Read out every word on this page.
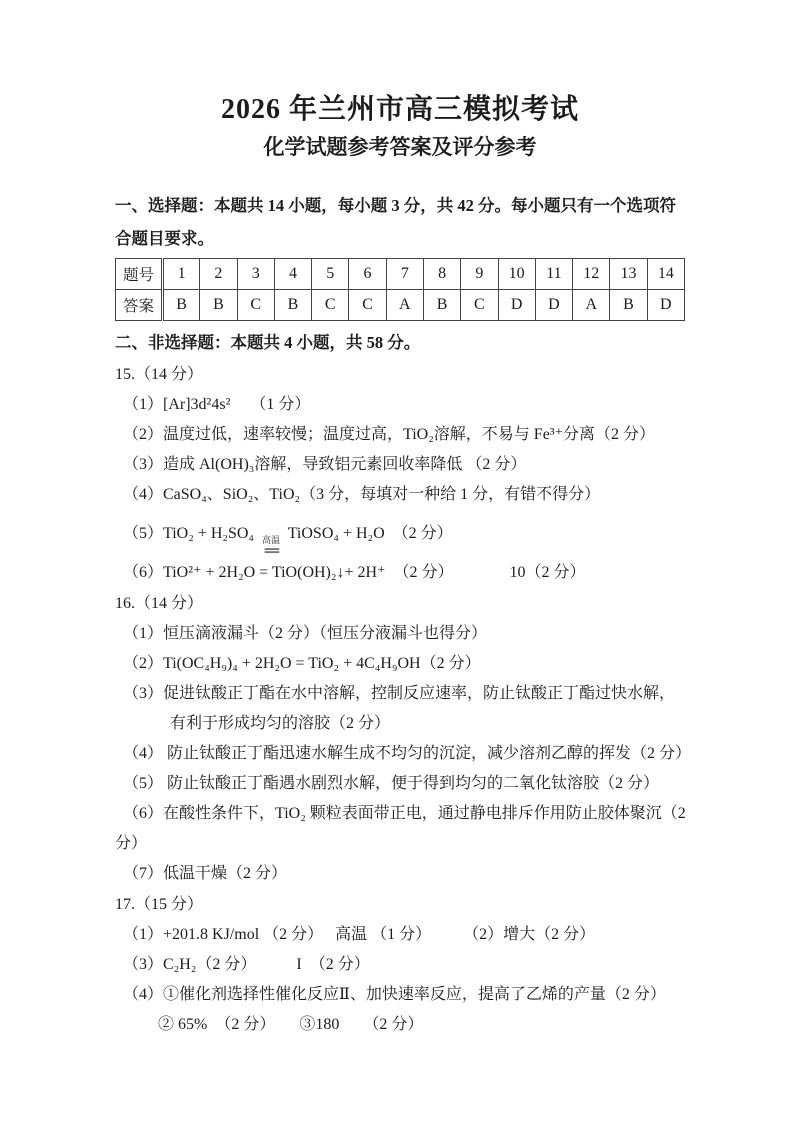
2026 年兰州市高三模拟考试
化学试题参考答案及评分参考

一、选择题：本题共 14 小题，每小题 3 分，共 42 分。每小题只有一个选项符

合题目要求。

题号	1	2	3	4	5	6	7	8	9	10	11	12	13	14
答案	B	B	C	B	C	C	A	B	C	D	D	A	B	D

二、非选择题：本题共 4 小题，共 58 分。

15.（14 分）

（1）[Ar]3d²4s²　 （1 分）

（2）温度过低，速率较慢；温度过高，TiO₂溶解，不易与 Fe³⁺分离（2 分）

（3）造成 Al(OH)₃溶解，导致铝元素回收率降低 （2 分）

（4）CaSO₄、SiO₂、TiO₂（3 分，每填对一种给 1 分，有错不得分）

（5）TiO₂ + H₂SO₄ 高温
==
TiOSO₄ + H₂O　（2 分）

（6）TiO²⁺ + 2H₂O = TiO(OH)₂↓+ 2H⁺　（2 分）　　　　10（2 分）

16.（14 分）

（1）恒压滴液漏斗（2 分）（恒压分液漏斗也得分）

（2）Ti(OC₄H₉)₄ + 2H₂O = TiO₂ + 4C₄H₉OH（2 分）

（3）促进钛酸正丁酯在水中溶解，控制反应速率，防止钛酸正丁酯过快水解，

有利于形成均匀的溶胶（2 分）

（4） 防止钛酸正丁酯迅速水解生成不均匀的沉淀，减少溶剂乙醇的挥发（2 分）

（5） 防止钛酸正丁酯遇水剧烈水解，便于得到均匀的二氧化钛溶胶（2 分）

（6）在酸性条件下，TiO₂ 颗粒表面带正电，通过静电排斥作用防止胶体聚沉（2

分）

（7）低温干燥（2 分）

17.（15 分）

（1）+201.8 KJ/mol （2 分）　 高温 （1 分）　　　（2）增大（2 分）

（3）C₂H₂（2 分）　　　I　（2 分）

（4）①催化剂选择性催化反应Ⅱ、加快速率反应，提高了乙烯的产量（2 分）

② 65%　（2 分）　　③180　　（2 分）
